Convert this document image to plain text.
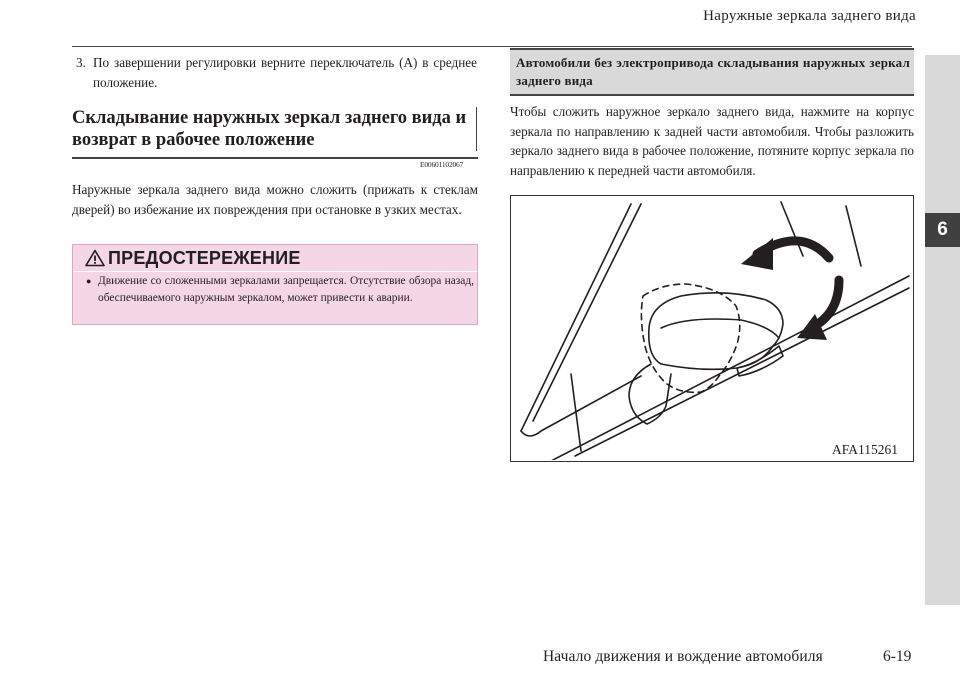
Наружные зеркала заднего вида
6
3. По завершении регулировки верните переключатель (A) в среднее положение.
Складывание наружных зеркал заднего вида и возврат в рабочее положение
E00601102067
Наружные зеркала заднего вида можно сложить (прижать к стеклам дверей) во избежание их повреждения при остановке в узких местах.
ПРЕДОСТЕРЕЖЕНИЕ
● Движение со сложенными зеркалами запрещается. Отсутствие обзора назад, обеспечиваемого наружным зеркалом, может привести к аварии.
Автомобили без электропривода складывания наружных зеркал заднего вида
Чтобы сложить наружное зеркало заднего вида, нажмите на корпус зеркала по направлению к задней части автомобиля. Чтобы разложить зеркало заднего вида в рабочее положение, потяните корпус зеркала по направлению к передней части автомобиля.
AFA115261
Начало движения и вождение автомобиля	6-19
